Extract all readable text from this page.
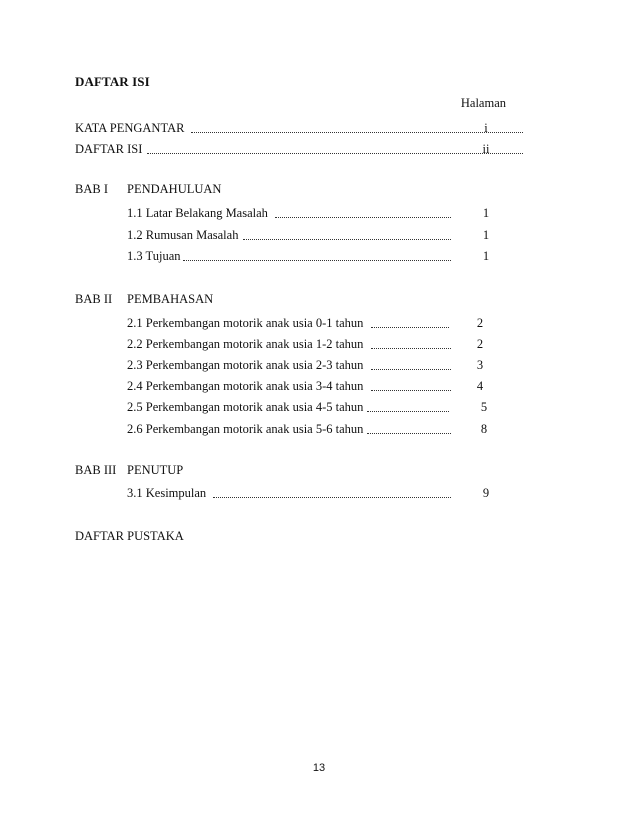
DAFTAR ISI
Halaman
KATA PENGANTAR	i
DAFTAR ISI	ii
BAB I PENDAHULUAN
1.1 Latar Belakang Masalah	1
1.2 Rumusan Masalah	1
1.3 Tujuan	1
BAB II PEMBAHASAN
2.1 Perkembangan motorik anak usia 0-1 tahun	2
2.2 Perkembangan motorik anak usia 1-2 tahun	2
2.3 Perkembangan motorik anak usia 2-3 tahun	3
2.4 Perkembangan motorik anak usia 3-4 tahun	4
2.5 Perkembangan motorik anak usia 4-5 tahun	5
2.6 Perkembangan motorik anak usia 5-6 tahun	8
BAB III PENUTUP
3.1 Kesimpulan	9
DAFTAR PUSTAKA
13
